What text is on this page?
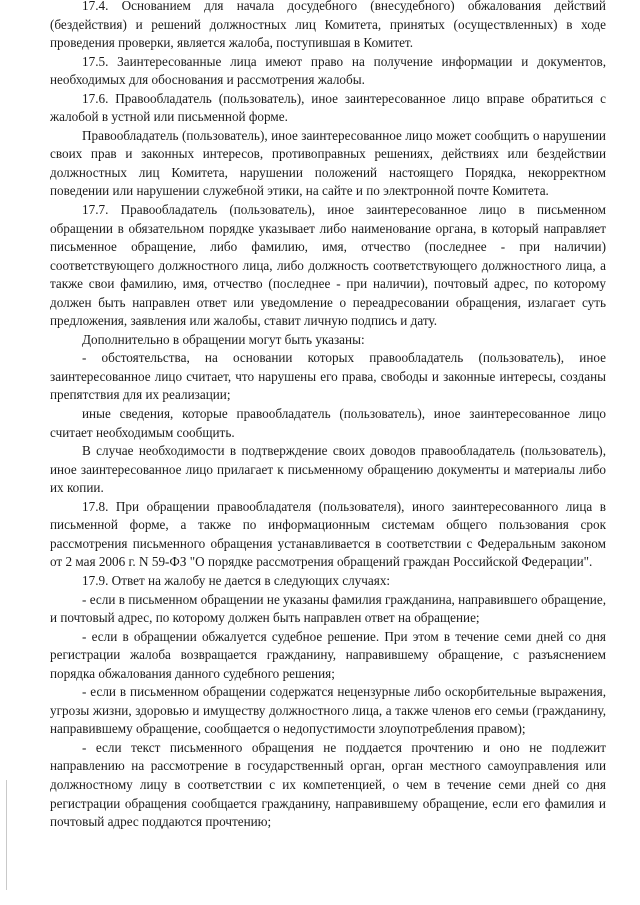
17.4. Основанием для начала досудебного (внесудебного) обжалования действий (бездействия) и решений должностных лиц Комитета, принятых (осуществленных) в ходе проведения проверки, является жалоба, поступившая в Комитет.

17.5. Заинтересованные лица имеют право на получение информации и документов, необходимых для обоснования и рассмотрения жалобы.

17.6. Правообладатель (пользователь), иное заинтересованное лицо вправе обратиться с жалобой в устной или письменной форме.

Правообладатель (пользователь), иное заинтересованное лицо может сообщить о нарушении своих прав и законных интересов, противоправных решениях, действиях или бездействии должностных лиц Комитета, нарушении положений настоящего Порядка, некорректном поведении или нарушении служебной этики, на сайте и по электронной почте Комитета.

17.7. Правообладатель (пользователь), иное заинтересованное лицо в письменном обращении в обязательном порядке указывает либо наименование органа, в который направляет письменное обращение, либо фамилию, имя, отчество (последнее - при наличии) соответствующего должностного лица, либо должность соответствующего должностного лица, а также свои фамилию, имя, отчество (последнее - при наличии), почтовый адрес, по которому должен быть направлен ответ или уведомление о переадресовании обращения, излагает суть предложения, заявления или жалобы, ставит личную подпись и дату.

Дополнительно в обращении могут быть указаны:

- обстоятельства, на основании которых правообладатель (пользователь), иное заинтересованное лицо считает, что нарушены его права, свободы и законные интересы, созданы препятствия для их реализации;

иные сведения, которые правообладатель (пользователь), иное заинтересованное лицо считает необходимым сообщить.

В случае необходимости в подтверждение своих доводов правообладатель (пользователь), иное заинтересованное лицо прилагает к письменному обращению документы и материалы либо их копии.

17.8. При обращении правообладателя (пользователя), иного заинтересованного лица в письменной форме, а также по информационным системам общего пользования срок рассмотрения письменного обращения устанавливается в соответствии с Федеральным законом от 2 мая 2006 г. N 59-ФЗ "О порядке рассмотрения обращений граждан Российской Федерации".

17.9. Ответ на жалобу не дается в следующих случаях:

- если в письменном обращении не указаны фамилия гражданина, направившего обращение, и почтовый адрес, по которому должен быть направлен ответ на обращение;

- если в обращении обжалуется судебное решение. При этом в течение семи дней со дня регистрации жалоба возвращается гражданину, направившему обращение, с разъяснением порядка обжалования данного судебного решения;

- если в письменном обращении содержатся нецензурные либо оскорбительные выражения, угрозы жизни, здоровью и имуществу должностного лица, а также членов его семьи (гражданину, направившему обращение, сообщается о недопустимости злоупотребления правом);

- если текст письменного обращения не поддается прочтению и оно не подлежит направлению на рассмотрение в государственный орган, орган местного самоуправления или должностному лицу в соответствии с их компетенцией, о чем в течение семи дней со дня регистрации обращения сообщается гражданину, направившему обращение, если его фамилия и почтовый адрес поддаются прочтению;
